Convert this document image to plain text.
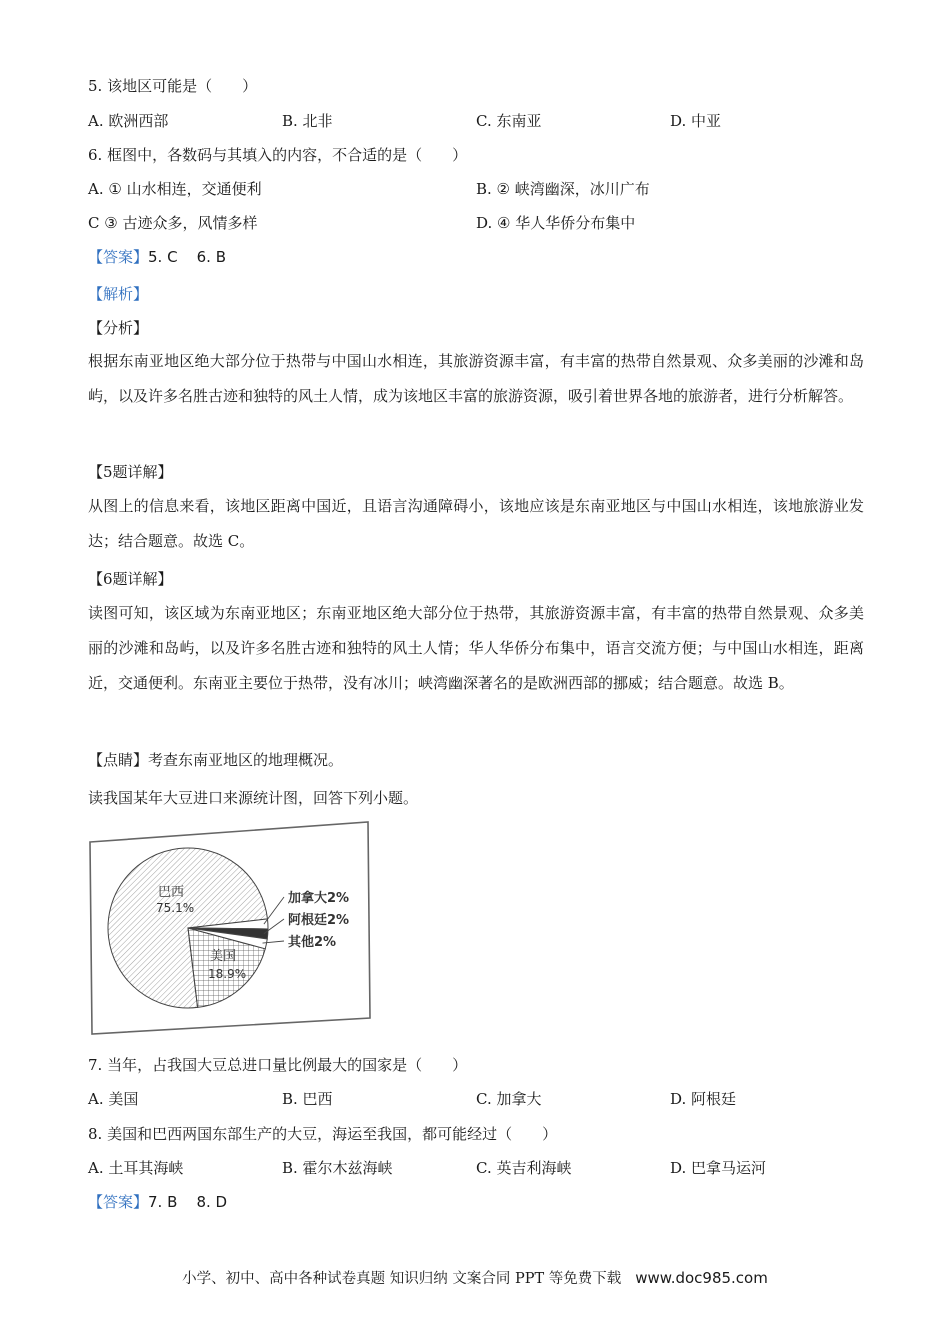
5. 该地区可能是（　　）
A. 欧洲西部	B. 北非	C. 东南亚	D. 中亚
6. 框图中，各数码与其填入的内容，不合适的是（　　）
A. ① 山水相连，交通便利	B. ② 峡湾幽深，冰川广布
C ③ 古迹众多，风情多样	D. ④ 华人华侨分布集中
【答案】5. C    6. B
【解析】
【分析】
根据东南亚地区绝大部分位于热带与中国山水相连，其旅游资源丰富，有丰富的热带自然景观、众多美丽的沙滩和岛屿，以及许多名胜古迹和独特的风土人情，成为该地区丰富的旅游资源，吸引着世界各地的旅游者，进行分析解答。
【5题详解】
从图上的信息来看，该地区距离中国近，且语言沟通障碍小，该地应该是东南亚地区与中国山水相连，该地旅游业发达；结合题意。故选 C。
【6题详解】
读图可知，该区域为东南亚地区；东南亚地区绝大部分位于热带，其旅游资源丰富，有丰富的热带自然景观、众多美丽的沙滩和岛屿，以及许多名胜古迹和独特的风土人情；华人华侨分布集中，语言交流方便；与中国山水相连，距离近，交通便利。东南亚主要位于热带，没有冰川；峡湾幽深著名的是欧洲西部的挪威；结合题意。故选 B。
【点睛】考查东南亚地区的地理概况。
读我国某年大豆进口来源统计图，回答下列小题。
巴西
75.1%
美国
18.9%
加拿大2%
阿根廷2%
其他2%
7. 当年，占我国大豆总进口量比例最大的国家是（　　）
A. 美国	B. 巴西	C. 加拿大	D. 阿根廷
8. 美国和巴西两国东部生产的大豆，海运至我国，都可能经过（　　）
A. 土耳其海峡	B. 霍尔木兹海峡	C. 英吉利海峡	D. 巴拿马运河
【答案】7. B    8. D
小学、初中、高中各种试卷真题 知识归纳 文案合同 PPT 等免费下载 www.doc985.com
